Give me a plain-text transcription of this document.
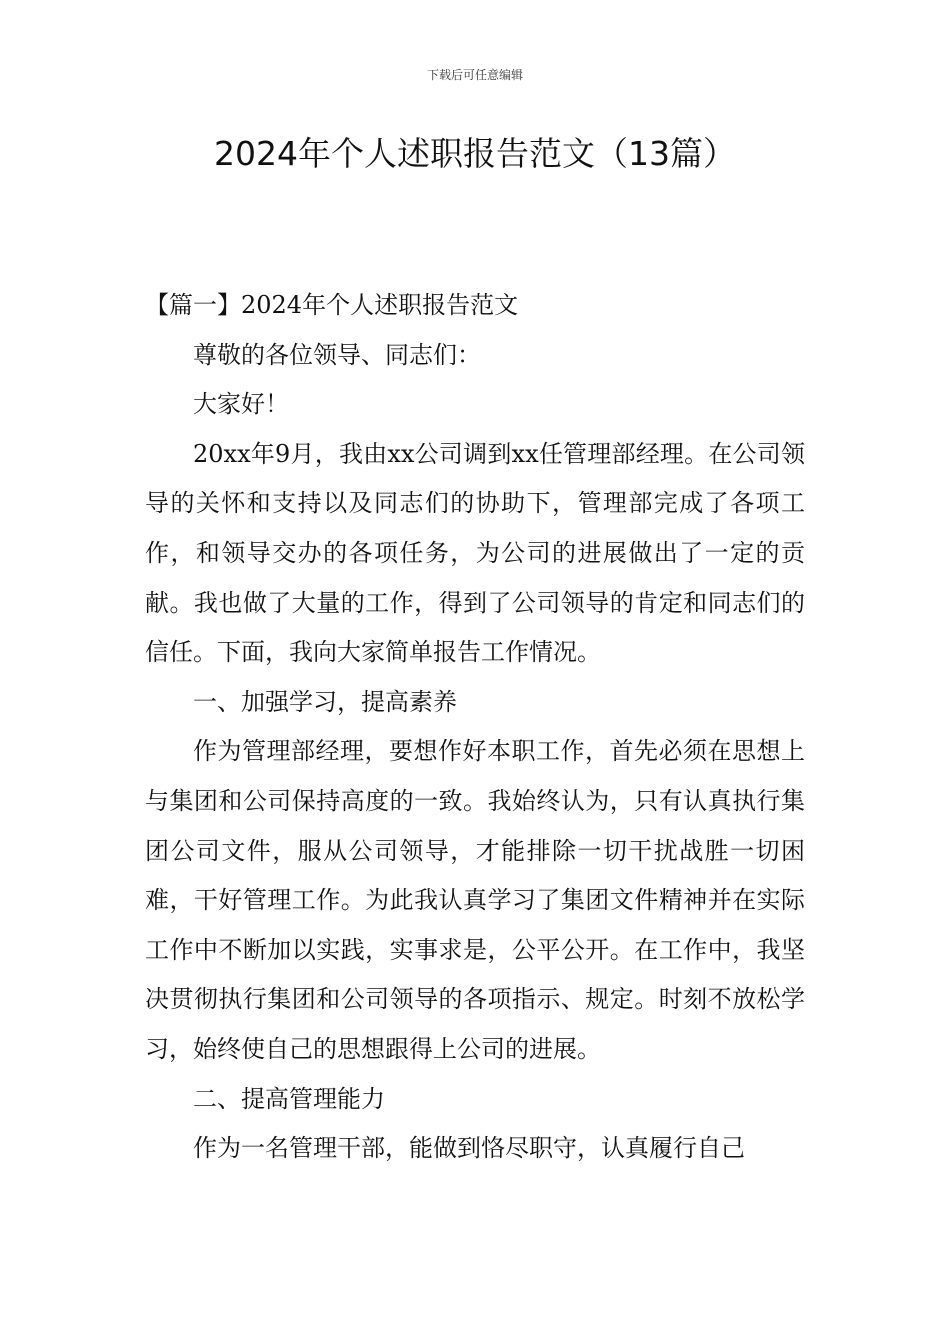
下载后可任意编辑
2024年个人述职报告范文（13篇）

【篇一】2024年个人述职报告范文

尊敬的各位领导、同志们：

大家好！

20xx年9月，我由xx公司调到xx任管理部经理。在公司领导的关怀和支持以及同志们的协助下，管理部完成了各项工作，和领导交办的各项任务，为公司的进展做出了一定的贡献。我也做了大量的工作，得到了公司领导的肯定和同志们的信任。下面，我向大家简单报告工作情况。

一、加强学习，提高素养

作为管理部经理，要想作好本职工作，首先必须在思想上与集团和公司保持高度的一致。我始终认为，只有认真执行集团公司文件，服从公司领导，才能排除一切干扰战胜一切困难，干好管理工作。为此我认真学习了集团文件精神并在实际工作中不断加以实践，实事求是，公平公开。在工作中，我坚决贯彻执行集团和公司领导的各项指示、规定。时刻不放松学习，始终使自己的思想跟得上公司的进展。

二、提高管理能力

作为一名管理干部，能做到恪尽职守，认真履行自己
